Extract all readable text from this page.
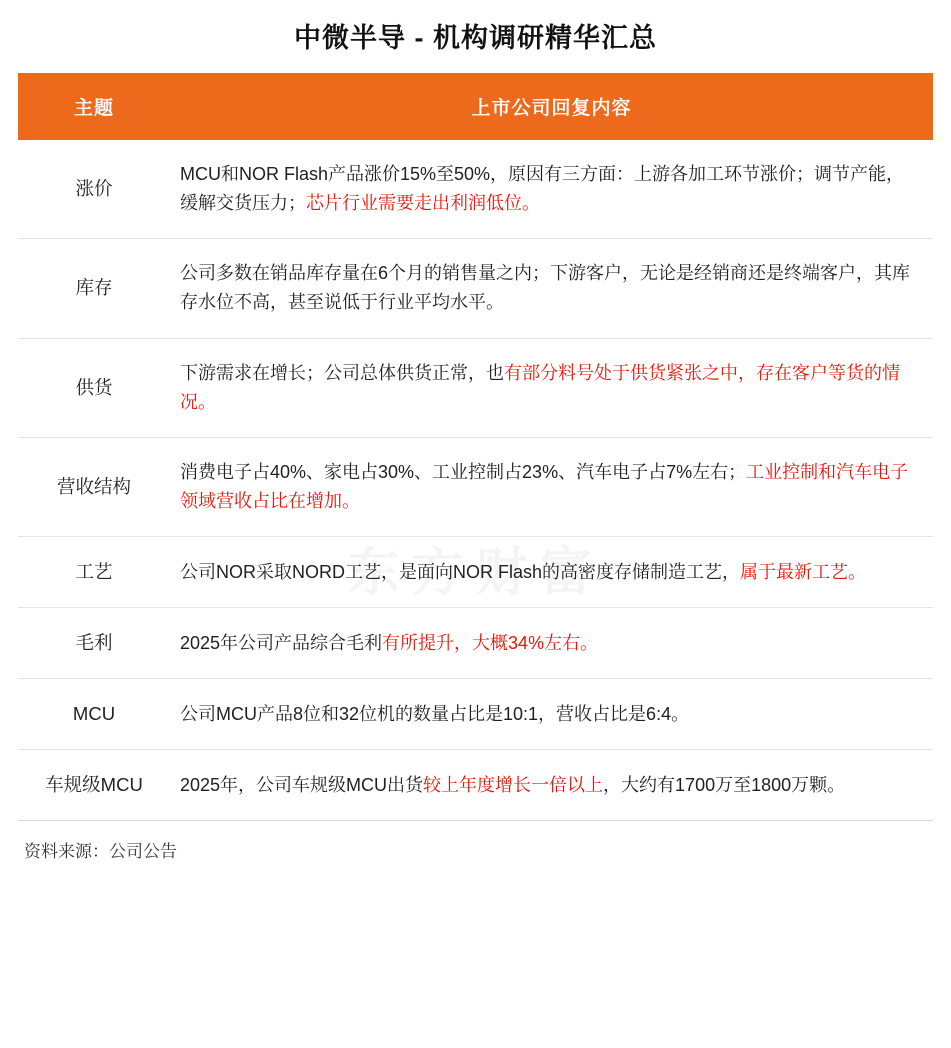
中微半导 - 机构调研精华汇总
主题	上市公司回复内容
涨价	MCU和NOR Flash产品涨价15%至50%，原因有三方面：上游各加工环节涨价；调节产能，缓解交货压力；芯片行业需要走出利润低位。
库存	公司多数在销品库存量在6个月的销售量之内；下游客户，无论是经销商还是终端客户，其库存水位不高，甚至说低于行业平均水平。
供货	下游需求在增长；公司总体供货正常，也有部分料号处于供货紧张之中，存在客户等货的情况。
营收结构	消费电子占40%、家电占30%、工业控制占23%、汽车电子占7%左右；工业控制和汽车电子领域营收占比在增加。
工艺	公司NOR采取NORD工艺，是面向NOR Flash的高密度存储制造工艺，属于最新工艺。
毛利	2025年公司产品综合毛利有所提升，大概34%左右。
MCU	公司MCU产品8位和32位机的数量占比是10:1，营收占比是6:4。
车规级MCU	2025年，公司车规级MCU出货较上年度增长一倍以上，大约有1700万至1800万颗。
资料来源：公司公告
